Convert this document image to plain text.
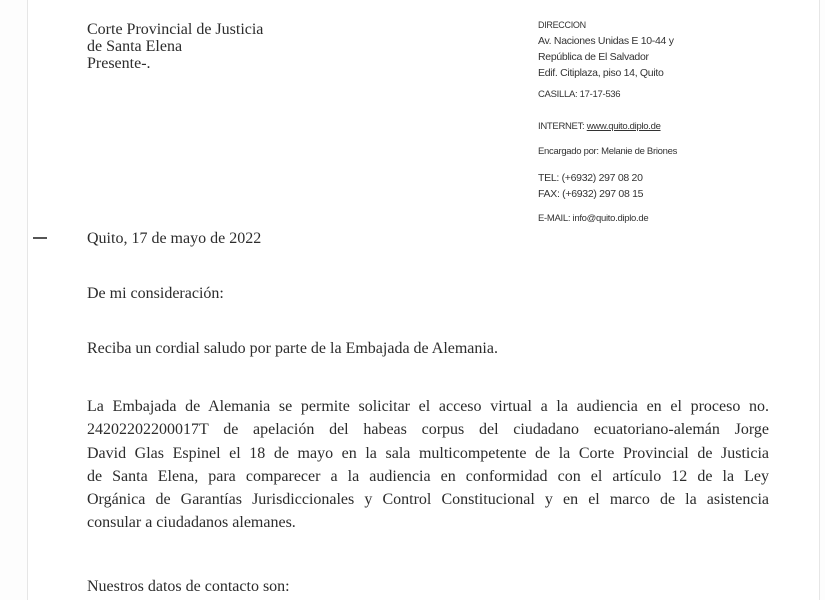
Corte Provincial de Justicia
de Santa Elena
Presente-.
DIRECCION
Av. Naciones Unidas E 10-44 y
República de El Salvador
Edif. Citiplaza, piso 14, Quito
CASILLA: 17-17-536
INTERNET: www.quito.diplo.de
Encargado por: Melanie de Briones
TEL: (+6932) 297 08 20
FAX: (+6932) 297 08 15
E-MAIL: info@quito.diplo.de
Quito, 17 de mayo de 2022
De mi consideración:
Reciba un cordial saludo por parte de la Embajada de Alemania.
La Embajada de Alemania se permite solicitar el acceso virtual a la audiencia en el proceso no.
24202202200017T de apelación del habeas corpus del ciudadano ecuatoriano-alemán Jorge
David Glas Espinel el 18 de mayo en la sala multicompetente de la Corte Provincial de Justicia
de Santa Elena, para comparecer a la audiencia en conformidad con el artículo 12 de la Ley
Orgánica de Garantías Jurisdiccionales y Control Constitucional y en el marco de la asistencia
consular a ciudadanos alemanes.
Nuestros datos de contacto son:
